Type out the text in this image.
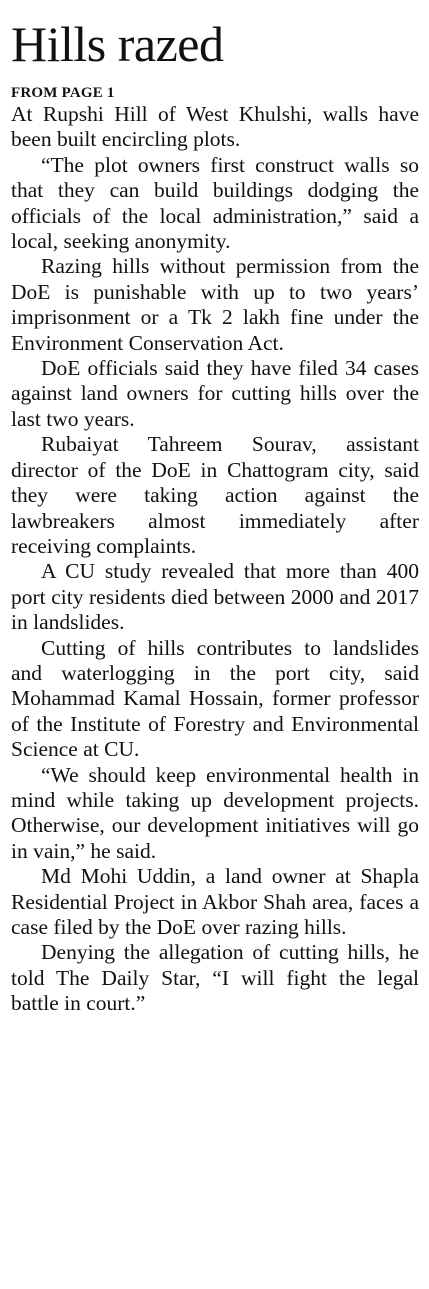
Hills razed
FROM PAGE 1

At Rupshi Hill of West Khulshi, walls have been built encircling plots.

“The plot owners first construct walls so that they can build buildings dodging the officials of the local administration,” said a local, seeking anonymity.

Razing hills without permission from the DoE is punishable with up to two years’ imprisonment or a Tk 2 lakh fine under the Environment Conservation Act.

DoE officials said they have filed 34 cases against land owners for cutting hills over the last two years.

Rubaiyat Tahreem Sourav, assistant director of the DoE in Chattogram city, said they were taking action against the lawbreakers almost immediately after receiving complaints.

A CU study revealed that more than 400 port city residents died between 2000 and 2017 in landslides.

Cutting of hills contributes to landslides and waterlogging in the port city, said Mohammad Kamal Hossain, former professor of the Institute of Forestry and Environmental Science at CU.

“We should keep environmental health in mind while taking up development projects. Otherwise, our development initiatives will go in vain,” he said.

Md Mohi Uddin, a land owner at Shapla Residential Project in Akbor Shah area, faces a case filed by the DoE over razing hills.

Denying the allegation of cutting hills, he told The Daily Star, “I will fight the legal battle in court.”
